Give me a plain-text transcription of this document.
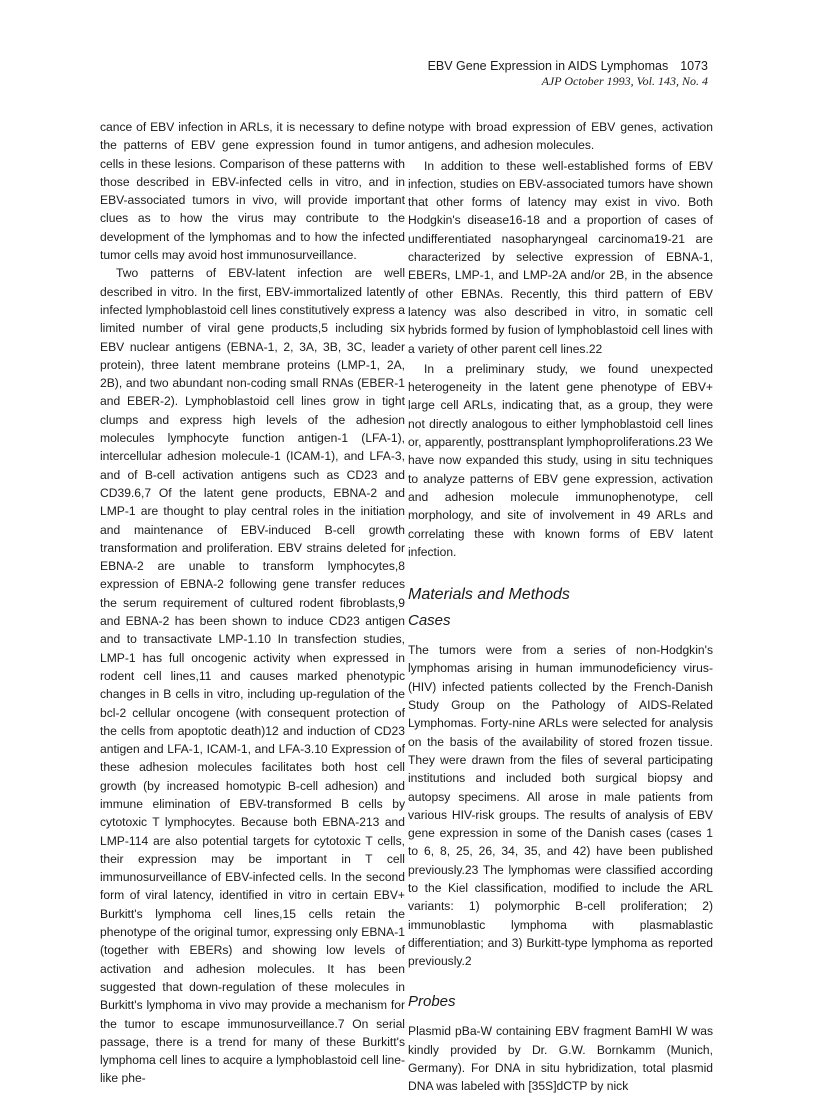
EBV Gene Expression in AIDS Lymphomas 1073
AJP October 1993, Vol. 143, No. 4

cance of EBV infection in ARLs, it is necessary to define the patterns of EBV gene expression found in tumor cells in these lesions. Comparison of these patterns with those described in EBV-infected cells in vitro, and in EBV-associated tumors in vivo, will provide important clues as to how the virus may contribute to the development of the lymphomas and to how the infected tumor cells may avoid host immunosurveillance.

Two patterns of EBV-latent infection are well described in vitro. In the first, EBV-immortalized latently infected lymphoblastoid cell lines constitutively express a limited number of viral gene products,5 including six EBV nuclear antigens (EBNA-1, 2, 3A, 3B, 3C, leader protein), three latent membrane proteins (LMP-1, 2A, 2B), and two abundant non-coding small RNAs (EBER-1 and EBER-2). Lymphoblastoid cell lines grow in tight clumps and express high levels of the adhesion molecules lymphocyte function antigen-1 (LFA-1), intercellular adhesion molecule-1 (ICAM-1), and LFA-3, and of B-cell activation antigens such as CD23 and CD39.6,7 Of the latent gene products, EBNA-2 and LMP-1 are thought to play central roles in the initiation and maintenance of EBV-induced B-cell growth transformation and proliferation. EBV strains deleted for EBNA-2 are unable to transform lymphocytes,8 expression of EBNA-2 following gene transfer reduces the serum requirement of cultured rodent fibroblasts,9 and EBNA-2 has been shown to induce CD23 antigen and to transactivate LMP-1.10 In transfection studies, LMP-1 has full oncogenic activity when expressed in rodent cell lines,11 and causes marked phenotypic changes in B cells in vitro, including up-regulation of the bcl-2 cellular oncogene (with consequent protection of the cells from apoptotic death)12 and induction of CD23 antigen and LFA-1, ICAM-1, and LFA-3.10 Expression of these adhesion molecules facilitates both host cell growth (by increased homotypic B-cell adhesion) and immune elimination of EBV-transformed B cells by cytotoxic T lymphocytes. Because both EBNA-213 and LMP-114 are also potential targets for cytotoxic T cells, their expression may be important in T cell immunosurveillance of EBV-infected cells. In the second form of viral latency, identified in vitro in certain EBV+ Burkitt's lymphoma cell lines,15 cells retain the phenotype of the original tumor, expressing only EBNA-1 (together with EBERs) and showing low levels of activation and adhesion molecules. It has been suggested that down-regulation of these molecules in Burkitt's lymphoma in vivo may provide a mechanism for the tumor to escape immunosurveillance.7 On serial passage, there is a trend for many of these Burkitt's lymphoma cell lines to acquire a lymphoblastoid cell line-like phe-

notype with broad expression of EBV genes, activation antigens, and adhesion molecules.

In addition to these well-established forms of EBV infection, studies on EBV-associated tumors have shown that other forms of latency may exist in vivo. Both Hodgkin's disease16-18 and a proportion of cases of undifferentiated nasopharyngeal carcinoma19-21 are characterized by selective expression of EBNA-1, EBERs, LMP-1, and LMP-2A and/or 2B, in the absence of other EBNAs. Recently, this third pattern of EBV latency was also described in vitro, in somatic cell hybrids formed by fusion of lymphoblastoid cell lines with a variety of other parent cell lines.22

In a preliminary study, we found unexpected heterogeneity in the latent gene phenotype of EBV+ large cell ARLs, indicating that, as a group, they were not directly analogous to either lymphoblastoid cell lines or, apparently, posttransplant lymphoproliferations.23 We have now expanded this study, using in situ techniques to analyze patterns of EBV gene expression, activation and adhesion molecule immunophenotype, cell morphology, and site of involvement in 49 ARLs and correlating these with known forms of EBV latent infection.

Materials and Methods
Cases

The tumors were from a series of non-Hodgkin's lymphomas arising in human immunodeficiency virus-(HIV) infected patients collected by the French-Danish Study Group on the Pathology of AIDS-Related Lymphomas. Forty-nine ARLs were selected for analysis on the basis of the availability of stored frozen tissue. They were drawn from the files of several participating institutions and included both surgical biopsy and autopsy specimens. All arose in male patients from various HIV-risk groups. The results of analysis of EBV gene expression in some of the Danish cases (cases 1 to 6, 8, 25, 26, 34, 35, and 42) have been published previously.23 The lymphomas were classified according to the Kiel classification, modified to include the ARL variants: 1) polymorphic B-cell proliferation; 2) immunoblastic lymphoma with plasmablastic differentiation; and 3) Burkitt-type lymphoma as reported previously.2

Probes

Plasmid pBa-W containing EBV fragment BamHI W was kindly provided by Dr. G.W. Bornkamm (Munich, Germany). For DNA in situ hybridization, total plasmid DNA was labeled with [35S]dCTP by nick
